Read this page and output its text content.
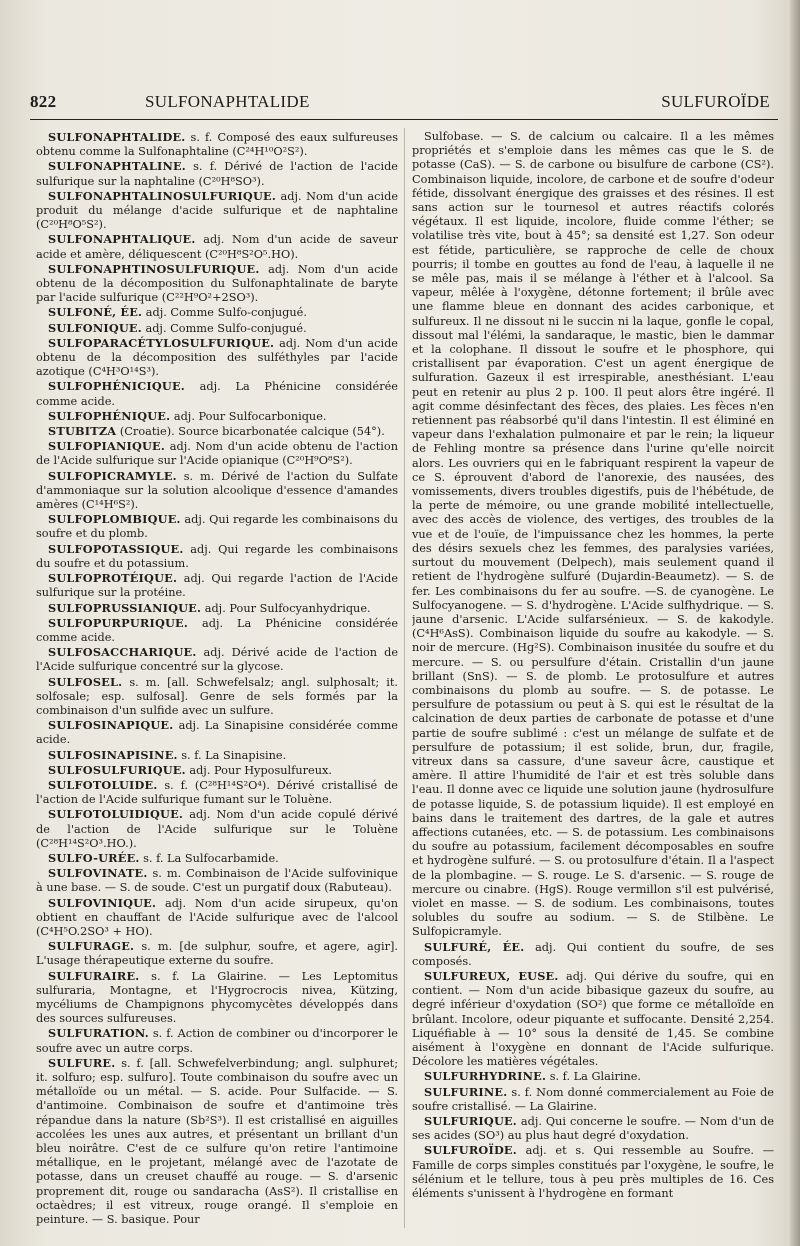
822	SULFONAPHTALIDE	SULFUROÏDE

SULFONAPHTALIDE. s. f. Composé des eaux sulfureuses obtenu comme la Sulfonaphtaline (C²⁴H¹⁰O²S²).

SULFONAPHTALINE. s. f. Dérivé de l'action de l'acide sulfurique sur la naphtaline (C²⁰H⁸SO³).

SULFONAPHTALINOSULFURIQUE. adj. Nom d'un acide produit du mélange d'acide sulfurique et de naphtaline (C²⁰H⁸O⁵S²).

SULFONAPHTALIQUE. adj. Nom d'un acide de saveur acide et amère, déliquescent (C²⁰H⁸S²O⁵.HO).

SULFONAPHTINOSULFURIQUE. adj. Nom d'un acide obtenu de la décomposition du Sulfonaphtalinate de baryte par l'acide sulfurique (C²²H⁹O²+2SO³).

SULFONÉ, ÉE. adj. Comme Sulfo-conjugué.

SULFONIQUE. adj. Comme Sulfo-conjugué.

SULFOPARACÉTYLOSULFURIQUE. adj. Nom d'un acide obtenu de la décomposition des sulféthyles par l'acide azotique (C⁴H³O¹⁴S³).

SULFOPHÉNICIQUE. adj. La Phénicine considérée comme acide.

SULFOPHÉNIQUE. adj. Pour Sulfocarbonique.

STUBITZA (Croatie). Source bicarbonatée calcique (54°).

SULFOPIANIQUE. adj. Nom d'un acide obtenu de l'action de l'Acide sulfurique sur l'Acide opianique (C²⁰H⁹O⁸S²).

SULFOPICRAMYLE. s. m. Dérivé de l'action du Sulfate d'ammoniaque sur la solution alcoolique d'essence d'amandes amères (C¹⁴H⁶S²).

SULFOPLOMBIQUE. adj. Qui regarde les combinaisons du soufre et du plomb.

SULFOPOTASSIQUE. adj. Qui regarde les combinaisons du soufre et du potassium.

SULFOPROTÉIQUE. adj. Qui regarde l'action de l'Acide sulfurique sur la protéine.

SULFOPRUSSIANIQUE. adj. Pour Sulfocyanhydrique.

SULFOPURPURIQUE. adj. La Phénicine considérée comme acide.

SULFOSACCHARIQUE. adj. Dérivé acide de l'action de l'Acide sulfurique concentré sur la glycose.

SULFOSEL. s. m. [all. Schwefelsalz; angl. sulphosalt; it. solfosale; esp. sulfosal]. Genre de sels formés par la combinaison d'un sulfide avec un sulfure.

SULFOSINAPIQUE. adj. La Sinapisine considérée comme acide.

SULFOSINAPISINE. s. f. La Sinapisine.

SULFOSULFURIQUE. adj. Pour Hyposulfureux.

SULFOTOLUIDE. s. f. (C²⁸H¹⁴S²O⁴). Dérivé cristallisé de l'action de l'Acide sulfurique fumant sur le Toluène.

SULFOTOLUIDIQUE. adj. Nom d'un acide copulé dérivé de l'action de l'Acide sulfurique sur le Toluène (C²⁸H¹⁴S²O³.HO.).

SULFO-URÉE. s. f. La Sulfocarbamide.

SULFOVINATE. s. m. Combinaison de l'Acide sulfovinique à une base. — S. de soude. C'est un purgatif doux (Rabuteau).

SULFOVINIQUE. adj. Nom d'un acide sirupeux, qu'on obtient en chauffant de l'Acide sulfurique avec de l'alcool (C⁴H⁵O.2SO³ + HO).

SULFURAGE. s. m. [de sulphur, soufre, et agere, agir]. L'usage thérapeutique externe du soufre.

SULFURAIRE. s. f. La Glairine. — Les Leptomitus sulfuraria, Montagne, et l'Hygrocrocis nivea, Kützing, mycéliums de Champignons phycomycètes développés dans des sources sulfureuses.

SULFURATION. s. f. Action de combiner ou d'incorporer le soufre avec un autre corps.

SULFURE. s. f. [all. Schwefelverbindung; angl. sulphuret; it. solfuro; esp. sulfuro]. Toute combinaison du soufre avec un métalloïde ou un métal. — S. acide. Pour Sulfacide. — S. d'antimoine. Combinaison de soufre et d'antimoine très répandue dans la nature (Sb²S³). Il est cristallisé en aiguilles accolées les unes aux autres, et présentant un brillant d'un bleu noirâtre. C'est de ce sulfure qu'on retire l'antimoine métallique, en le projetant, mélangé avec de l'azotate de potasse, dans un creuset chauffé au rouge. — S. d'arsenic proprement dit, rouge ou sandaracha (AsS²). Il cristallise en octaèdres; il est vitreux, rouge orangé. Il s'emploie en peinture. — S. basique. Pour

Sulfobase. — S. de calcium ou calcaire. Il a les mêmes propriétés et s'emploie dans les mêmes cas que le S. de potasse (CaS). — S. de carbone ou bisulfure de carbone (CS²). Combinaison liquide, incolore, de carbone et de soufre d'odeur fétide, dissolvant énergique des graisses et des résines. Il est sans action sur le tournesol et autres réactifs colorés végétaux. Il est liquide, incolore, fluide comme l'éther; se volatilise très vite, bout à 45°; sa densité est 1,27. Son odeur est fétide, particulière, se rapproche de celle de choux pourris; il tombe en gouttes au fond de l'eau, à laquelle il ne se mêle pas, mais il se mélange à l'éther et à l'alcool. Sa vapeur, mêlée à l'oxygène, détonne fortement; il brûle avec une flamme bleue en donnant des acides carbonique, et sulfureux. Il ne dissout ni le succin ni la laque, gonfle le copal, dissout mal l'élémi, la sandaraque, le mastic, bien le dammar et la colophane. Il dissout le soufre et le phosphore, qui cristallisent par évaporation. C'est un agent énergique de sulfuration. Gazeux il est irrespirable, anesthésiant. L'eau peut en retenir au plus 2 p. 100. Il peut alors être ingéré. Il agit comme désinfectant des fèces, des plaies. Les fèces n'en retiennent pas réabsorbé qu'il dans l'intestin. Il est éliminé en vapeur dans l'exhalation pulmonaire et par le rein; la liqueur de Fehling montre sa présence dans l'urine qu'elle noircit alors. Les ouvriers qui en le fabriquant respirent la vapeur de ce S. éprouvent d'abord de l'anorexie, des nausées, des vomissements, divers troubles digestifs, puis de l'hébétude, de la perte de mémoire, ou une grande mobilité intellectuelle, avec des accès de violence, des vertiges, des troubles de la vue et de l'ouïe, de l'impuissance chez les hommes, la perte des désirs sexuels chez les femmes, des paralysies variées, surtout du mouvement (Delpech), mais seulement quand il retient de l'hydrogène sulfuré (Dujardin-Beaumetz). — S. de fer. Les combinaisons du fer au soufre. —S. de cyanogène. Le Sulfocyanogene. — S. d'hydrogène. L'Acide sulfhydrique. — S. jaune d'arsenic. L'Acide sulfarsénieux. — S. de kakodyle. (C⁴H⁶AsS). Combinaison liquide du soufre au kakodyle. — S. noir de mercure. (Hg²S). Combinaison inusitée du soufre et du mercure. — S. ou persulfure d'étain. Cristallin d'un jaune brillant (SnS). — S. de plomb. Le protosulfure et autres combinaisons du plomb au soufre. — S. de potasse. Le persulfure de potassium ou peut à S. qui est le résultat de la calcination de deux parties de carbonate de potasse et d'une partie de soufre sublimé : c'est un mélange de sulfate et de persulfure de potassium; il est solide, brun, dur, fragile, vitreux dans sa cassure, d'une saveur âcre, caustique et amère. Il attire l'humidité de l'air et est très soluble dans l'eau. Il donne avec ce liquide une solution jaune (hydrosulfure de potasse liquide, S. de potassium liquide). Il est employé en bains dans le traitement des dartres, de la gale et autres affections cutanées, etc. — S. de potassium. Les combinaisons du soufre au potassium, facilement décomposables en soufre et hydrogène sulfuré. — S. ou protosulfure d'étain. Il a l'aspect de la plombagine. — S. rouge. Le S. d'arsenic. — S. rouge de mercure ou cinabre. (HgS). Rouge vermillon s'il est pulvérisé, violet en masse. — S. de sodium. Les combinaisons, toutes solubles du soufre au sodium. — S. de Stilbène. Le Sulfopicramyle.

SULFURÉ, ÉE. adj. Qui contient du soufre, de ses composés.

SULFUREUX, EUSE. adj. Qui dérive du soufre, qui en contient. — Nom d'un acide bibasique gazeux du soufre, au degré inférieur d'oxydation (SO²) que forme ce métalloïde en brûlant. Incolore, odeur piquante et suffocante. Densité 2,254. Liquéfiable à — 10° sous la densité de 1,45. Se combine aisément à l'oxygène en donnant de l'Acide sulfurique. Décolore les matières végétales.

SULFURHYDRINE. s. f. La Glairine.

SULFURINE. s. f. Nom donné commercialement au Foie de soufre cristallisé. — La Glairine.

SULFURIQUE. adj. Qui concerne le soufre. — Nom d'un de ses acides (SO³) au plus haut degré d'oxydation.

SULFUROÏDE. adj. et s. Qui ressemble au Soufre. — Famille de corps simples constitués par l'oxygène, le soufre, le sélénium et le tellure, tous à peu près multiples de 16. Ces éléments s'unissent à l'hydrogène en formant
